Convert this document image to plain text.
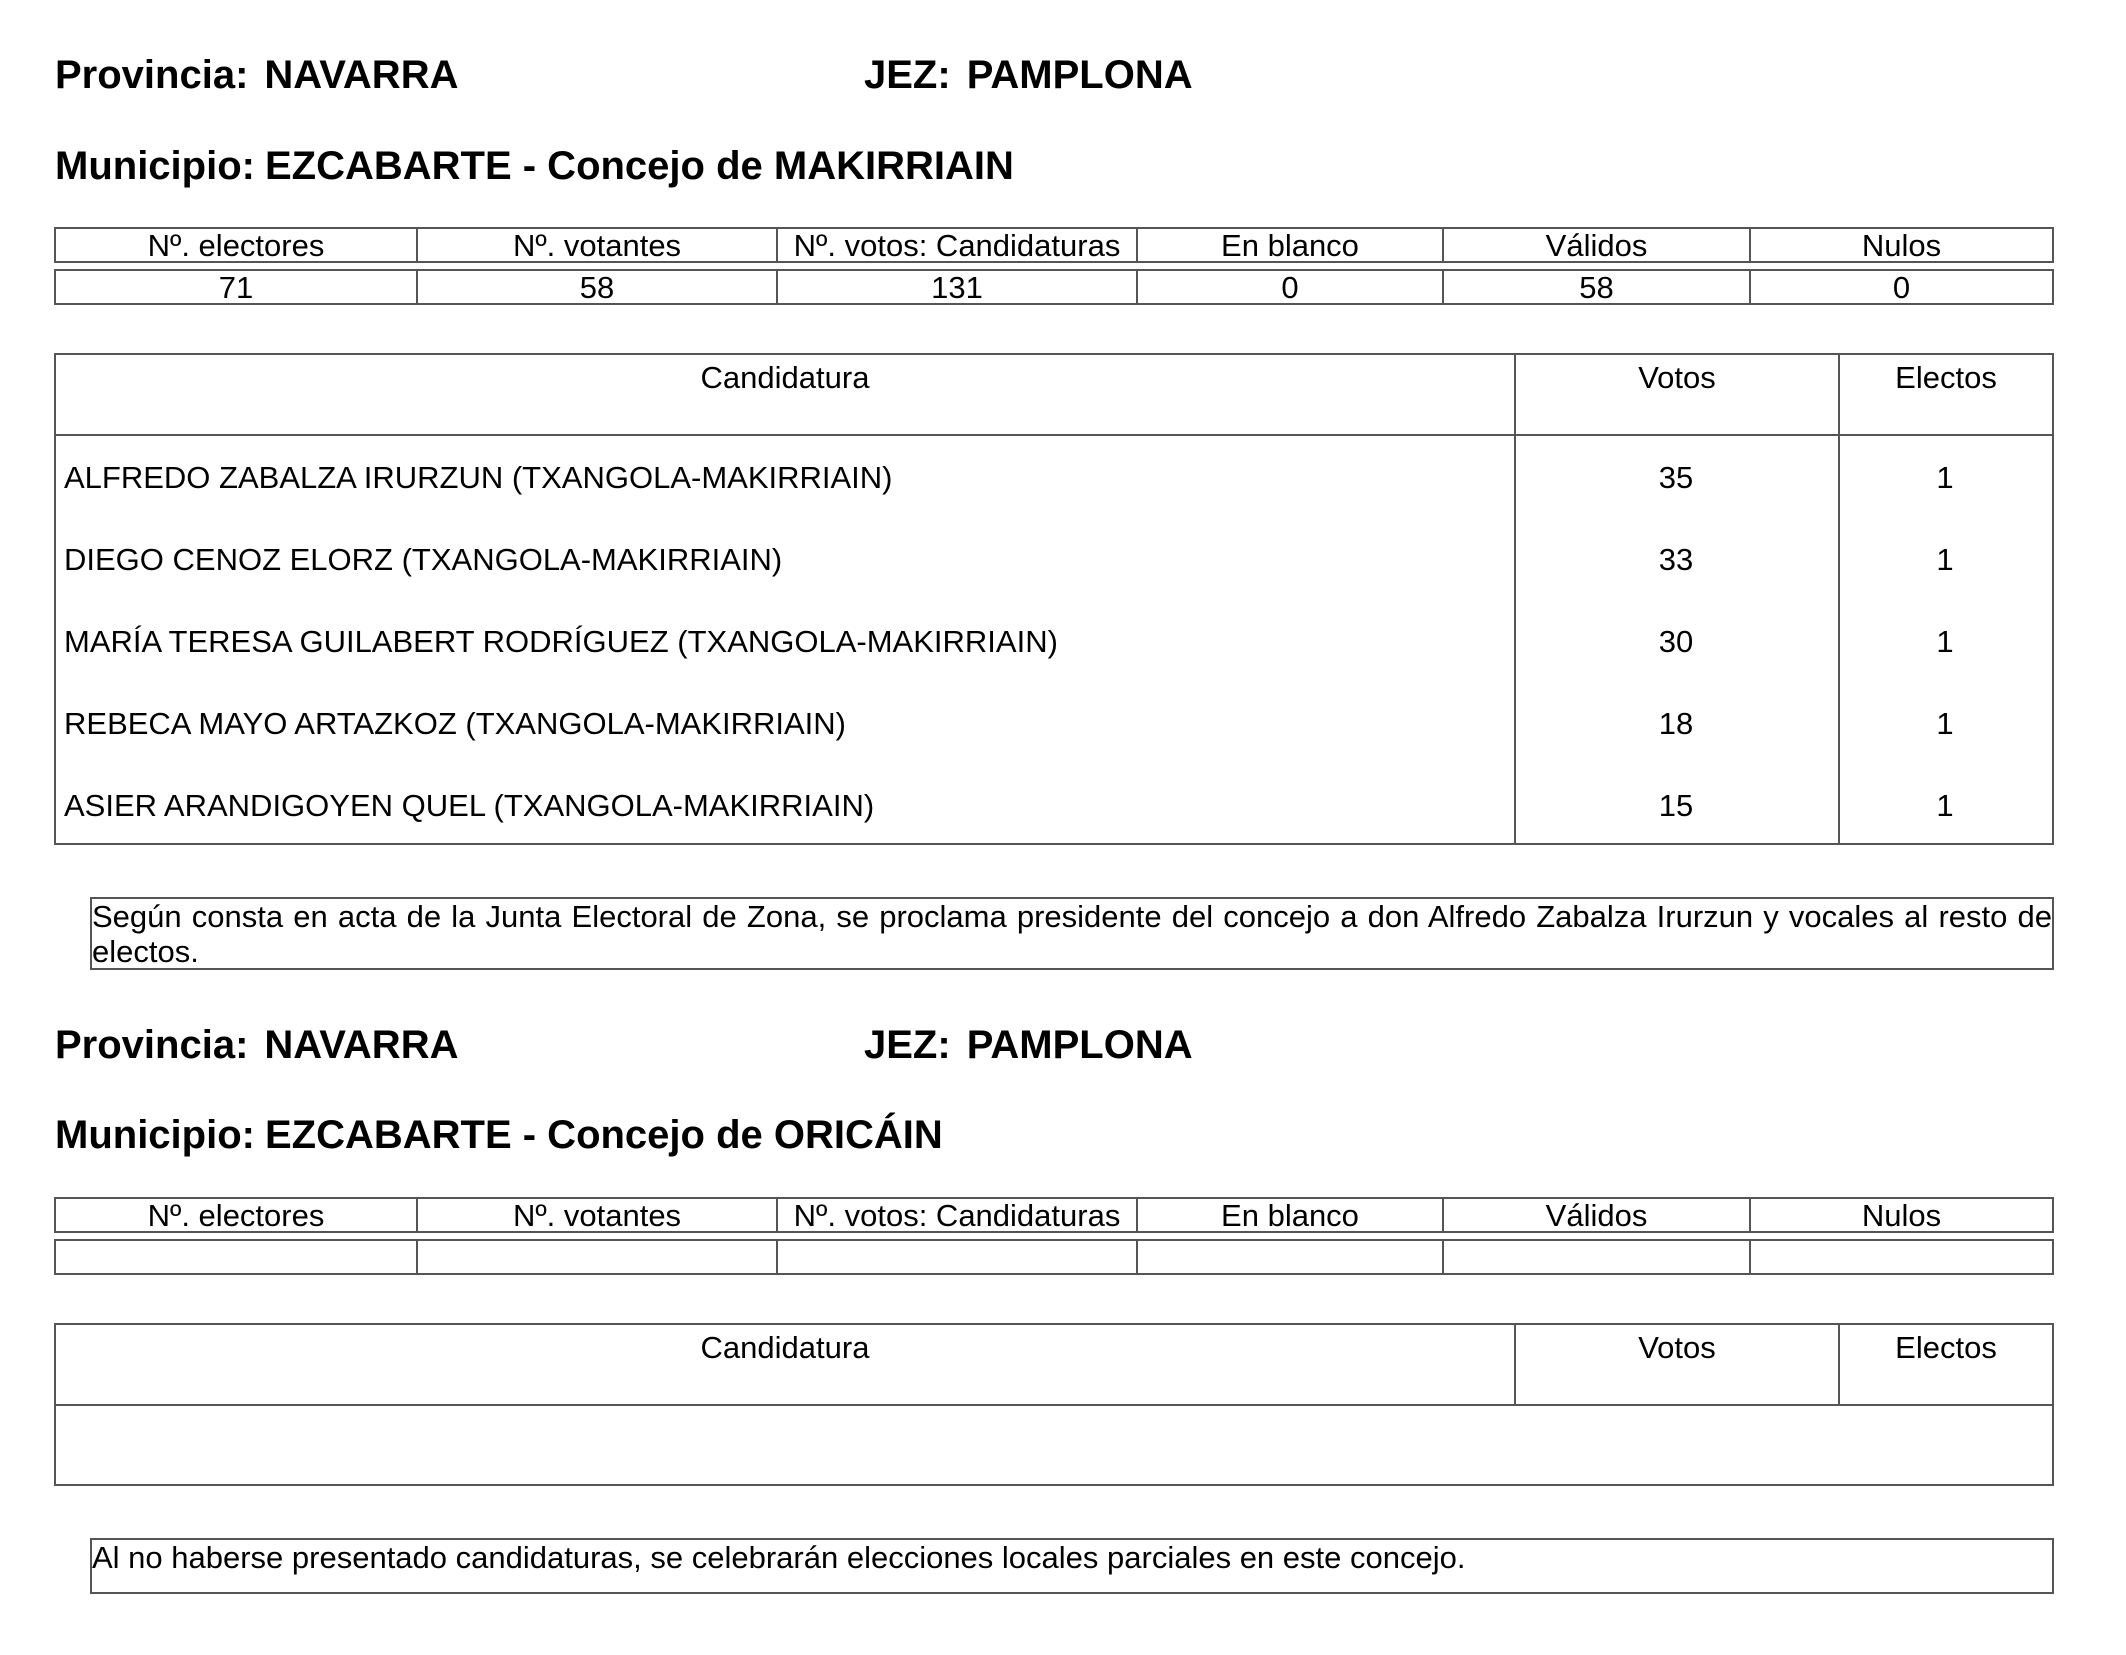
Provincia: NAVARRA	JEZ: PAMPLONA
Municipio: EZCABARTE - Concejo de MAKIRRIAIN
Nº. electores	Nº. votantes	Nº. votos: Candidaturas	En blanco	Válidos	Nulos
71	58	131	0	58	0
Candidatura	Votos	Electos
ALFREDO ZABALZA IRURZUN (TXANGOLA-MAKIRRIAIN)	35	1
DIEGO CENOZ ELORZ (TXANGOLA-MAKIRRIAIN)	33	1
MARÍA TERESA GUILABERT RODRÍGUEZ (TXANGOLA-MAKIRRIAIN)	30	1
REBECA MAYO ARTAZKOZ (TXANGOLA-MAKIRRIAIN)	18	1
ASIER ARANDIGOYEN QUEL (TXANGOLA-MAKIRRIAIN)	15	1
Según consta en acta de la Junta Electoral de Zona, se proclama presidente del concejo a don Alfredo Zabalza Irurzun y vocales al resto de electos.
Provincia: NAVARRA	JEZ: PAMPLONA
Municipio: EZCABARTE - Concejo de ORICÁIN
Nº. electores	Nº. votantes	Nº. votos: Candidaturas	En blanco	Válidos	Nulos
Candidatura	Votos	Electos
Al no haberse presentado candidaturas, se celebrarán elecciones locales parciales en este concejo.
